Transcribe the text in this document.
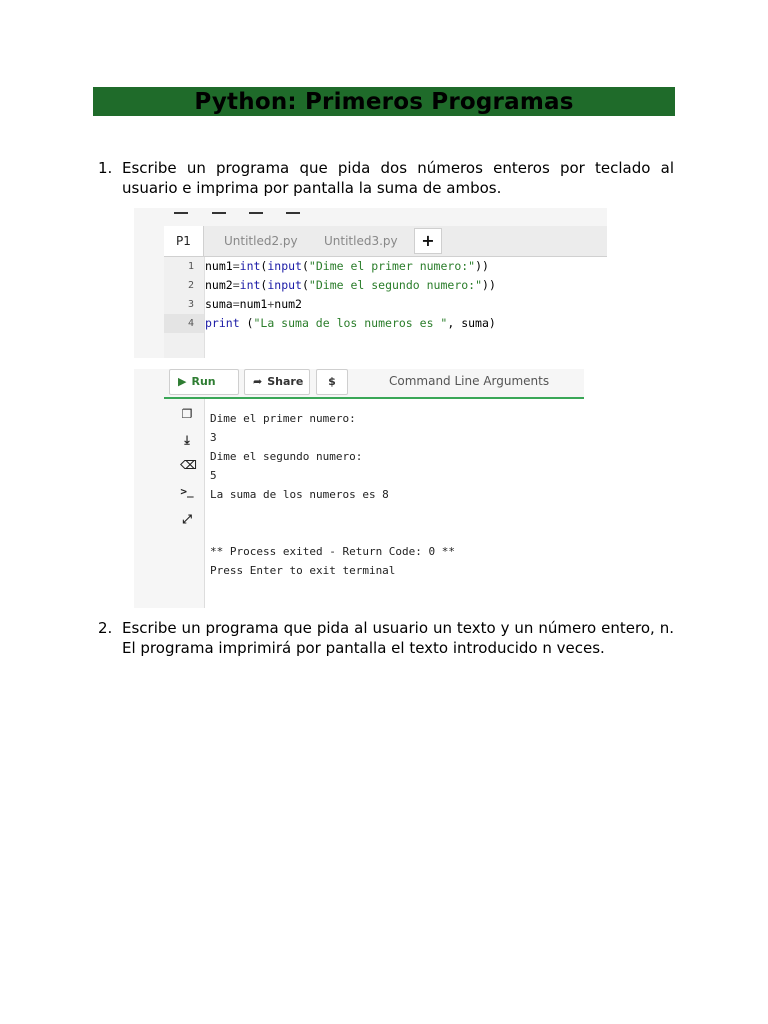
Python: Primeros Programas
1. Escribe un programa que pida dos números enteros por teclado al usuario e imprima por pantalla la suma de ambos.
P1	Untitled2.py Untitled3.py	+
1
2
3
4
num1=int(input("Dime el primer numero:"))
num2=int(input("Dime el segundo numero:"))
suma=num1+num2
print ("La suma de los numeros es ", suma)
▶ Run	➦ Share	$	Command Line Arguments
❐
⤓
⌫
>_
⤢
Dime el primer numero:
3
Dime el segundo numero:
5
La suma de los numeros es 8
** Process exited - Return Code: 0 **
Press Enter to exit terminal
2. Escribe un programa que pida al usuario un texto y un número entero, n. El programa imprimirá por pantalla el texto introducido n veces.
